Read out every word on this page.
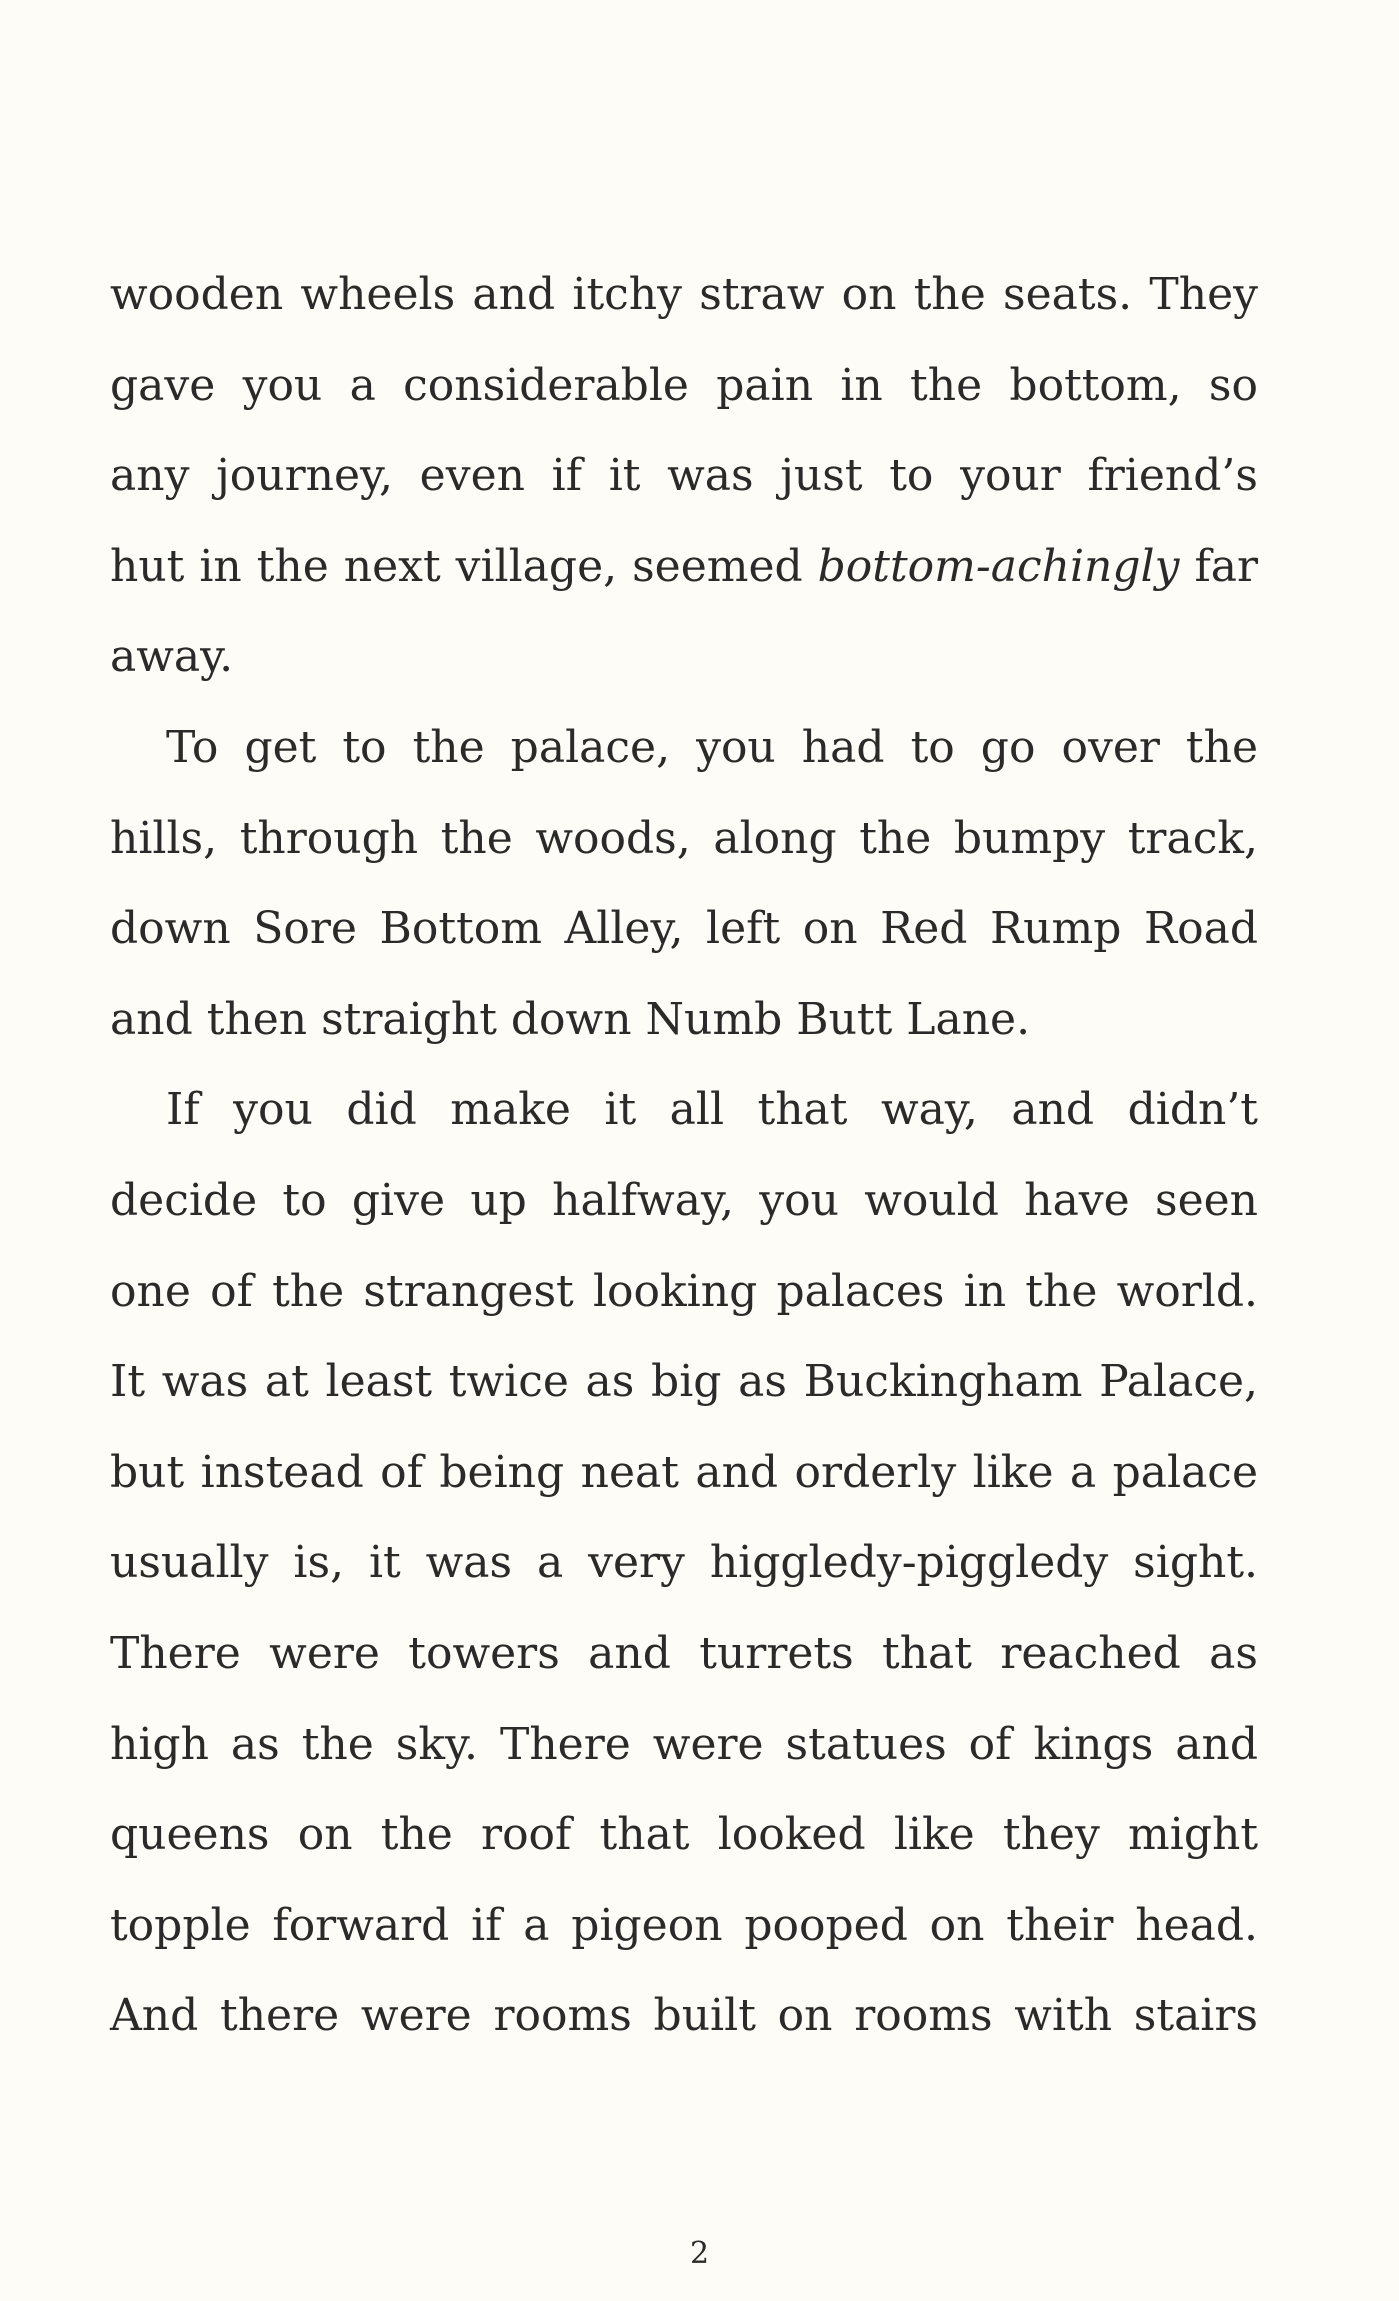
wooden wheels and itchy straw on the seats. They
gave you a considerable pain in the bottom, so
any journey, even if it was just to your friend’s
hut in the next village, seemed bottom-achingly far
away.
To get to the palace, you had to go over the
hills, through the woods, along the bumpy track,
down Sore Bottom Alley, left on Red Rump Road
and then straight down Numb Butt Lane.
If you did make it all that way, and didn’t
decide to give up halfway, you would have seen
one of the strangest looking palaces in the world.
It was at least twice as big as Buckingham Palace,
but instead of being neat and orderly like a palace
usually is, it was a very higgledy-piggledy sight.
There were towers and turrets that reached as
high as the sky. There were statues of kings and
queens on the roof that looked like they might
topple forward if a pigeon pooped on their head.
And there were rooms built on rooms with stairs
2
